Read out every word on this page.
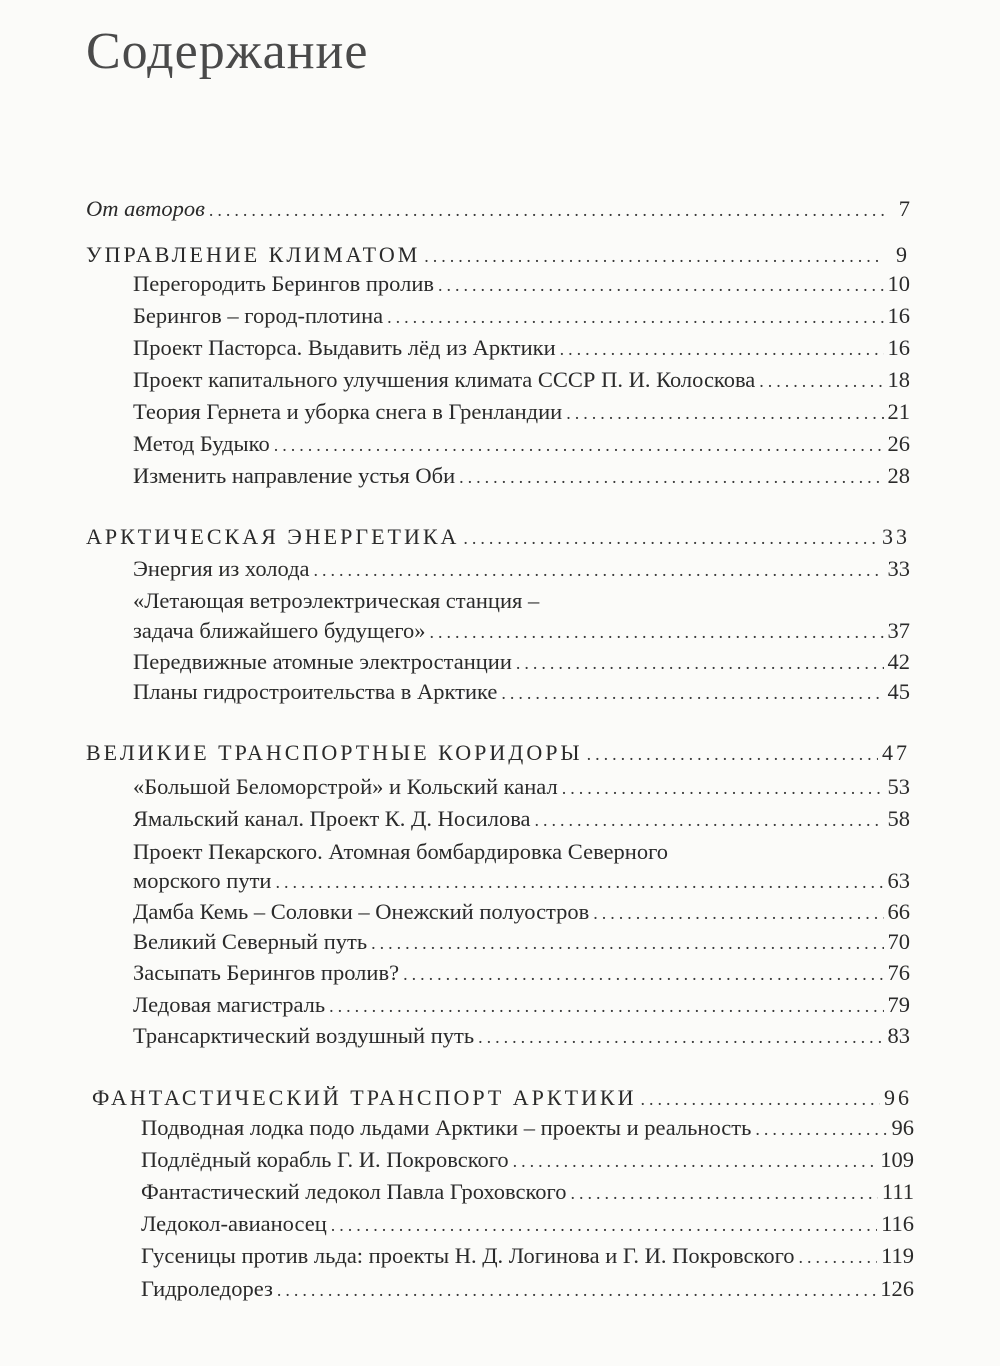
Содержание
От авторов .....	7
УПРАВЛЕНИЕ КЛИМАТОМ .....	9
Перегородить Берингов пролив .....	10
Берингов – город-плотина .....	16
Проект Пасторса. Выдавить лёд из Арктики .....	16
Проект капитального улучшения климата СССР П. И. Колоскова .....	18
Теория Гернета и уборка снега в Гренландии .....	21
Метод Будыко .....	26
Изменить направление устья Оби .....	28
АРКТИЧЕСКАЯ ЭНЕРГЕТИКА .....	33
Энергия из холода .....	33
«Летающая ветроэлектрическая станция –
задача ближайшего будущего» .....	37
Передвижные атомные электростанции .....	42
Планы гидростроительства в Арктике .....	45
ВЕЛИКИЕ ТРАНСПОРТНЫЕ КОРИДОРЫ .....	47
«Большой Беломорстрой» и Кольский канал .....	53
Ямальский канал. Проект К. Д. Носилова .....	58
Проект Пекарского. Атомная бомбардировка Северного
морского пути .....	63
Дамба Кемь – Соловки – Онежский полуостров .....	66
Великий Северный путь .....	70
Засыпать Берингов пролив? .....	76
Ледовая магистраль .....	79
Трансарктический воздушный путь .....	83
ФАНТАСТИЧЕСКИЙ ТРАНСПОРТ АРКТИКИ .....	96
Подводная лодка подо льдами Арктики – проекты и реальность .....	96
Подлёдный корабль Г. И. Покровского .....	109
Фантастический ледокол Павла Гроховского .....	111
Ледокол-авианосец .....	116
Гусеницы против льда: проекты Н. Д. Логинова и Г. И. Покровского .....	119
Гидроледорез .....	126
